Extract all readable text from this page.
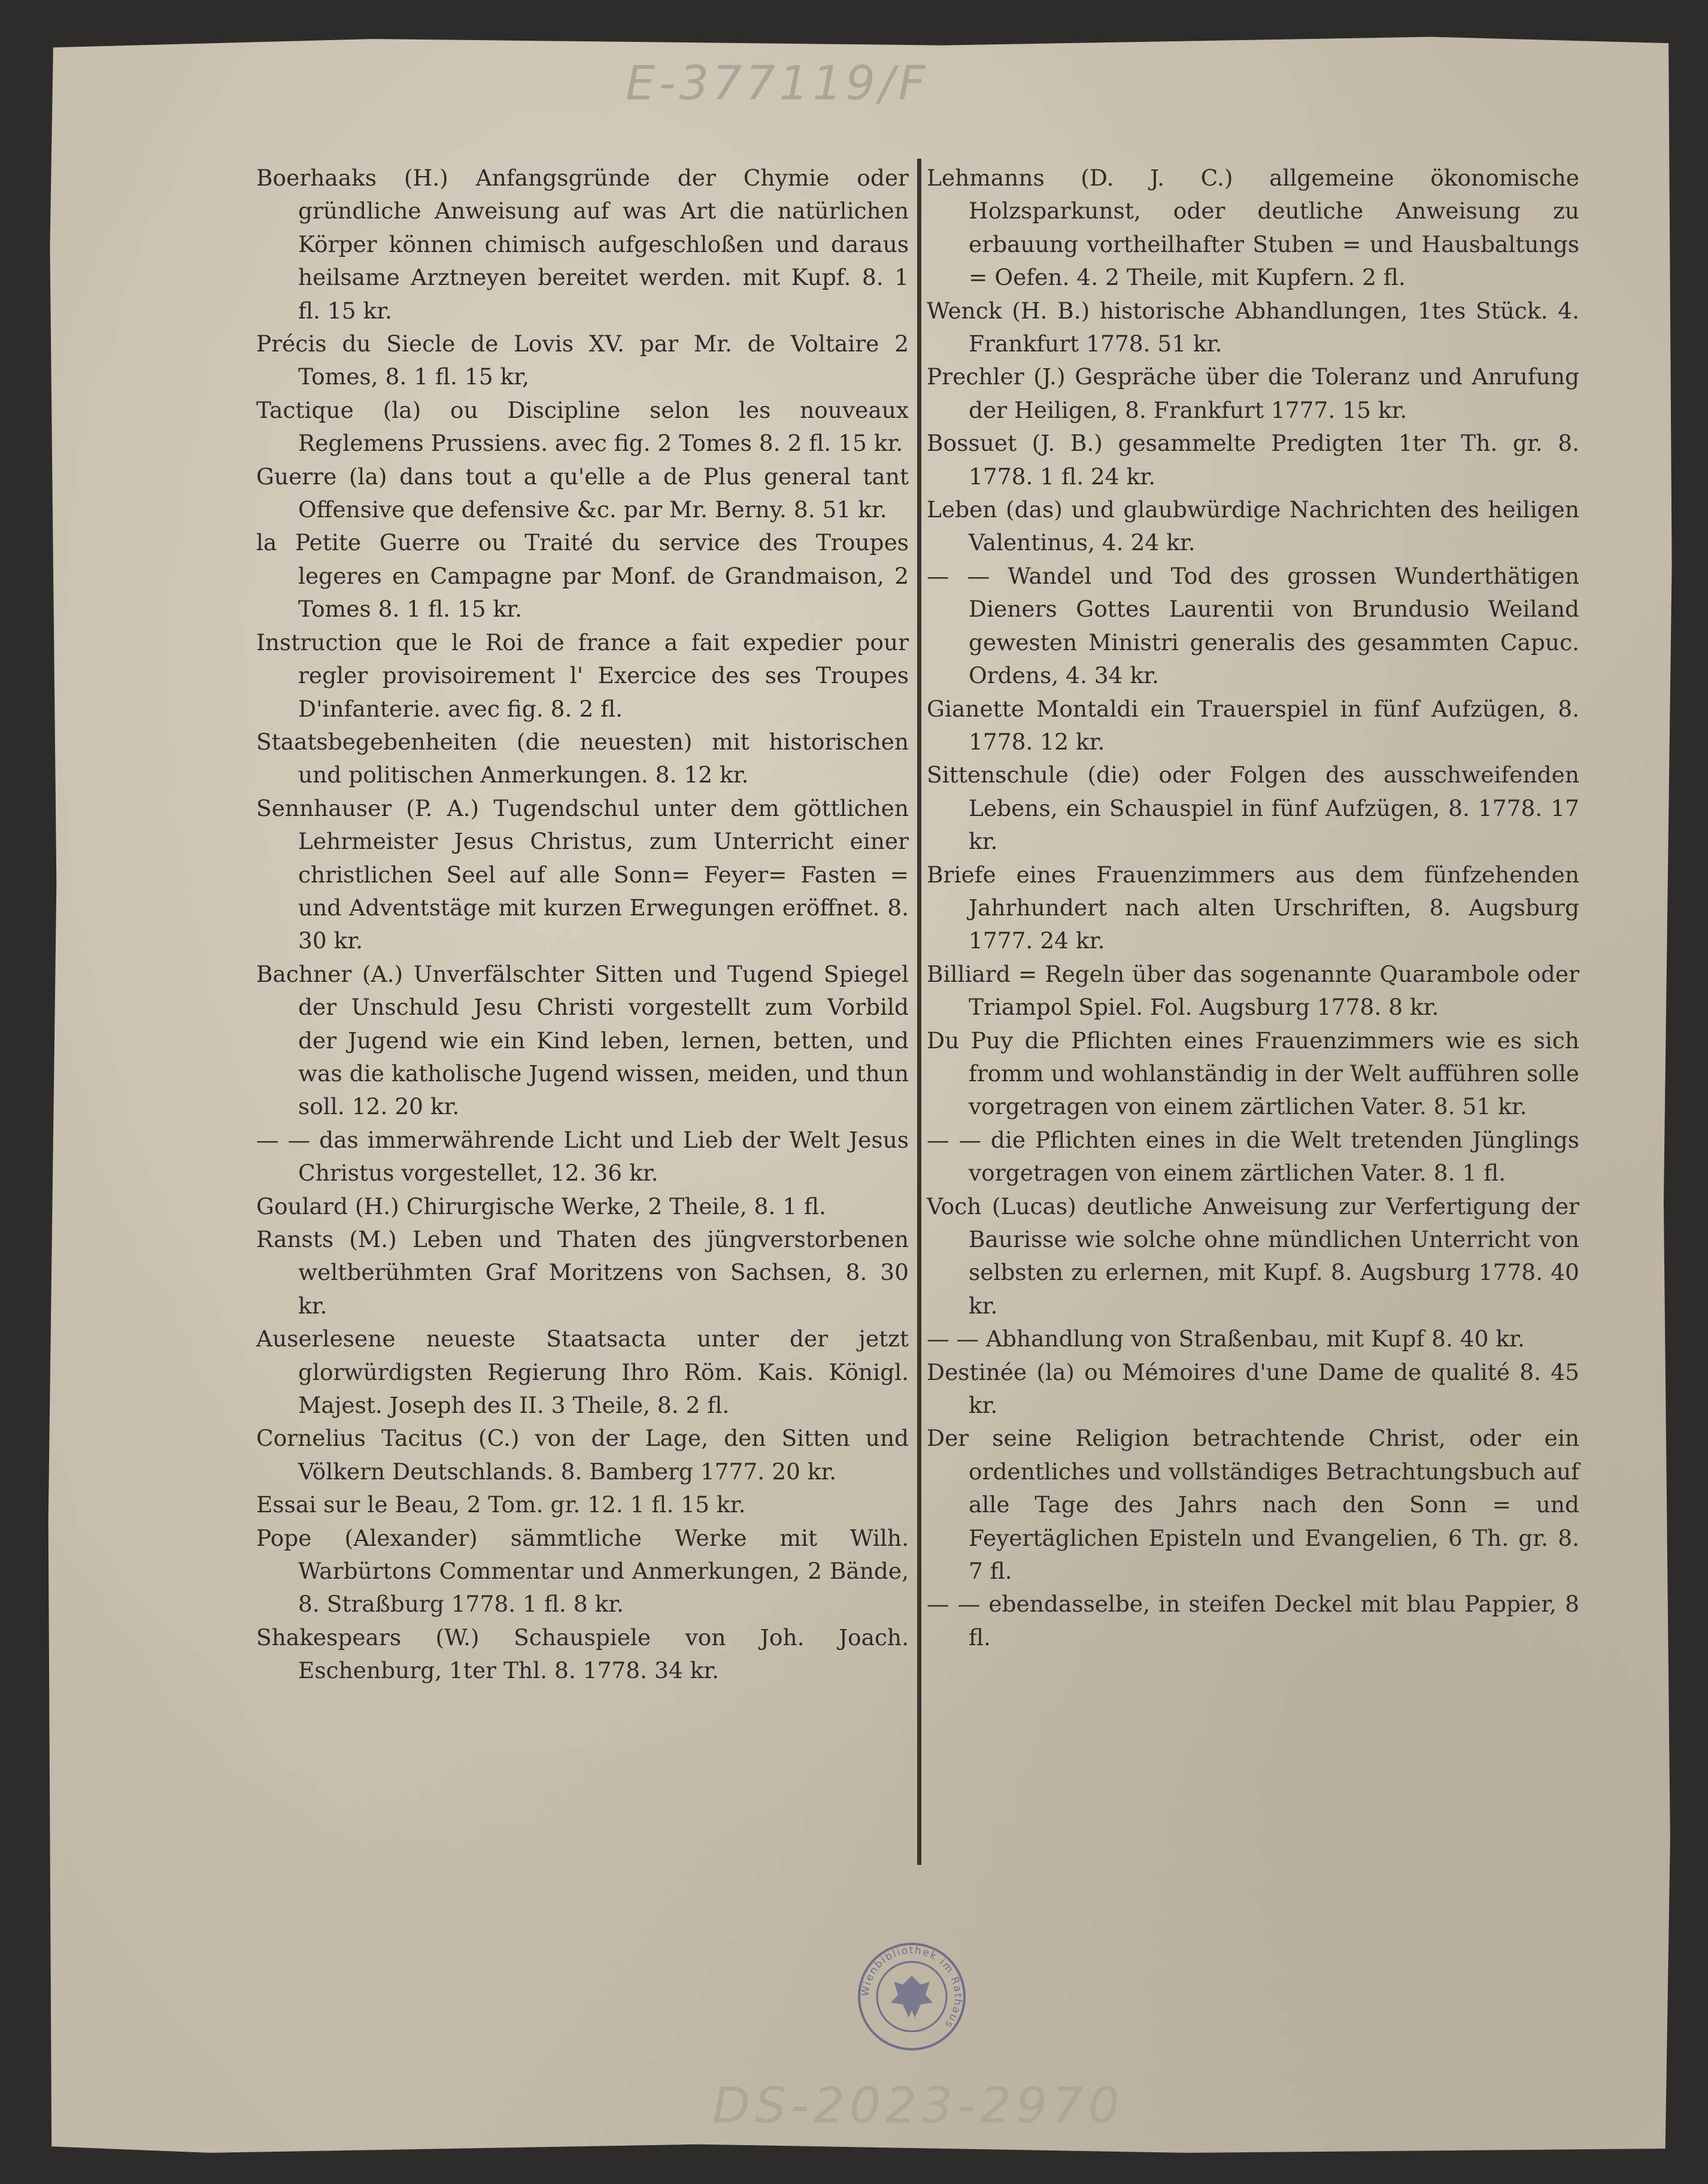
E-377119/F
Boerhaaks (H.) Anfangsgründe der Chymie oder gründliche Anweisung auf was Art die natürlichen Körper können chimisch aufgeschloßen und daraus heilsame Arztneyen bereitet werden. mit Kupf. 8. 1 fl. 15 kr.
Précis du Siecle de Lovis XV. par Mr. de Voltaire 2 Tomes, 8. 1 fl. 15 kr,
Tactique (la) ou Discipline selon les nouveaux Reglemens Prussiens. avec fig. 2 Tomes 8. 2 fl. 15 kr.
Guerre (la) dans tout a qu'elle a de Plus general tant Offensive que defensive &c. par Mr. Berny. 8. 51 kr.
la Petite Guerre ou Traité du service des Troupes legeres en Campagne par Monf. de Grandmaison, 2 Tomes 8. 1 fl. 15 kr.
Instruction que le Roi de france a fait expedier pour regler provisoirement l' Exercice des ses Troupes D'infanterie. avec fig. 8. 2 fl.
Staatsbegebenheiten (die neuesten) mit historischen und politischen Anmerkungen. 8. 12 kr.
Sennhauser (P. A.) Tugendschul unter dem göttlichen Lehrmeister Jesus Christus, zum Unterricht einer christlichen Seel auf alle Sonn= Feyer= Fasten = und Adventstäge mit kurzen Erwegungen eröffnet. 8. 30 kr.
Bachner (A.) Unverfälschter Sitten und Tugend Spiegel der Unschuld Jesu Christi vorgestellt zum Vorbild der Jugend wie ein Kind leben, lernen, betten, und was die katholische Jugend wissen, meiden, und thun soll. 12. 20 kr.
— — das immerwährende Licht und Lieb der Welt Jesus Christus vorgestellet, 12. 36 kr.
Goulard (H.) Chirurgische Werke, 2 Theile, 8. 1 fl.
Ransts (M.) Leben und Thaten des jüngverstorbenen weltberühmten Graf Moritzens von Sachsen, 8. 30 kr.
Auserlesene neueste Staatsacta unter der jetzt glorwürdigsten Regierung Ihro Röm. Kais. Königl. Majest. Joseph des II. 3 Theile, 8. 2 fl.
Cornelius Tacitus (C.) von der Lage, den Sitten und Völkern Deutschlands. 8. Bamberg 1777. 20 kr.
Essai sur le Beau, 2 Tom. gr. 12. 1 fl. 15 kr.
Pope (Alexander) sämmtliche Werke mit Wilh. Warbürtons Commentar und Anmerkungen, 2 Bände, 8. Straßburg 1778. 1 fl. 8 kr.
Shakespears (W.) Schauspiele von Joh. Joach. Eschenburg, 1ter Thl. 8. 1778. 34 kr.
Lehmanns (D. J. C.) allgemeine ökonomische Holzsparkunst, oder deutliche Anweisung zu erbauung vortheilhafter Stuben = und Hausbaltungs = Oefen. 4. 2 Theile, mit Kupfern. 2 fl.
Wenck (H. B.) historische Abhandlungen, 1tes Stück. 4. Frankfurt 1778. 51 kr.
Prechler (J.) Gespräche über die Toleranz und Anrufung der Heiligen, 8. Frankfurt 1777. 15 kr.
Bossuet (J. B.) gesammelte Predigten 1ter Th. gr. 8. 1778. 1 fl. 24 kr.
Leben (das) und glaubwürdige Nachrichten des heiligen Valentinus, 4. 24 kr.
— — Wandel und Tod des grossen Wunderthätigen Dieners Gottes Laurentii von Brundusio Weiland gewesten Ministri generalis des gesammten Capuc. Ordens, 4. 34 kr.
Gianette Montaldi ein Trauerspiel in fünf Aufzügen, 8. 1778. 12 kr.
Sittenschule (die) oder Folgen des ausschweifenden Lebens, ein Schauspiel in fünf Aufzügen, 8. 1778. 17 kr.
Briefe eines Frauenzimmers aus dem fünfzehenden Jahrhundert nach alten Urschriften, 8. Augsburg 1777. 24 kr.
Billiard = Regeln über das sogenannte Quarambole oder Triampol Spiel. Fol. Augsburg 1778. 8 kr.
Du Puy die Pflichten eines Frauenzimmers wie es sich fromm und wohlanständig in der Welt aufführen solle vorgetragen von einem zärtlichen Vater. 8. 51 kr.
— — die Pflichten eines in die Welt tretenden Jünglings vorgetragen von einem zärtlichen Vater. 8. 1 fl.
Voch (Lucas) deutliche Anweisung zur Verfertigung der Baurisse wie solche ohne mündlichen Unterricht von selbsten zu erlernen, mit Kupf. 8. Augsburg 1778. 40 kr.
— — Abhandlung von Straßenbau, mit Kupf 8. 40 kr.
Destinée (la) ou Mémoires d'une Dame de qualité 8. 45 kr.
Der seine Religion betrachtende Christ, oder ein ordentliches und vollständiges Betrachtungsbuch auf alle Tage des Jahrs nach den Sonn = und Feyertäglichen Episteln und Evangelien, 6 Th. gr. 8. 7 fl.
— — ebendasselbe, in steifen Deckel mit blau Pappier, 8 fl.
Wienbibliothek im Rathaus
DS-2023-2970
